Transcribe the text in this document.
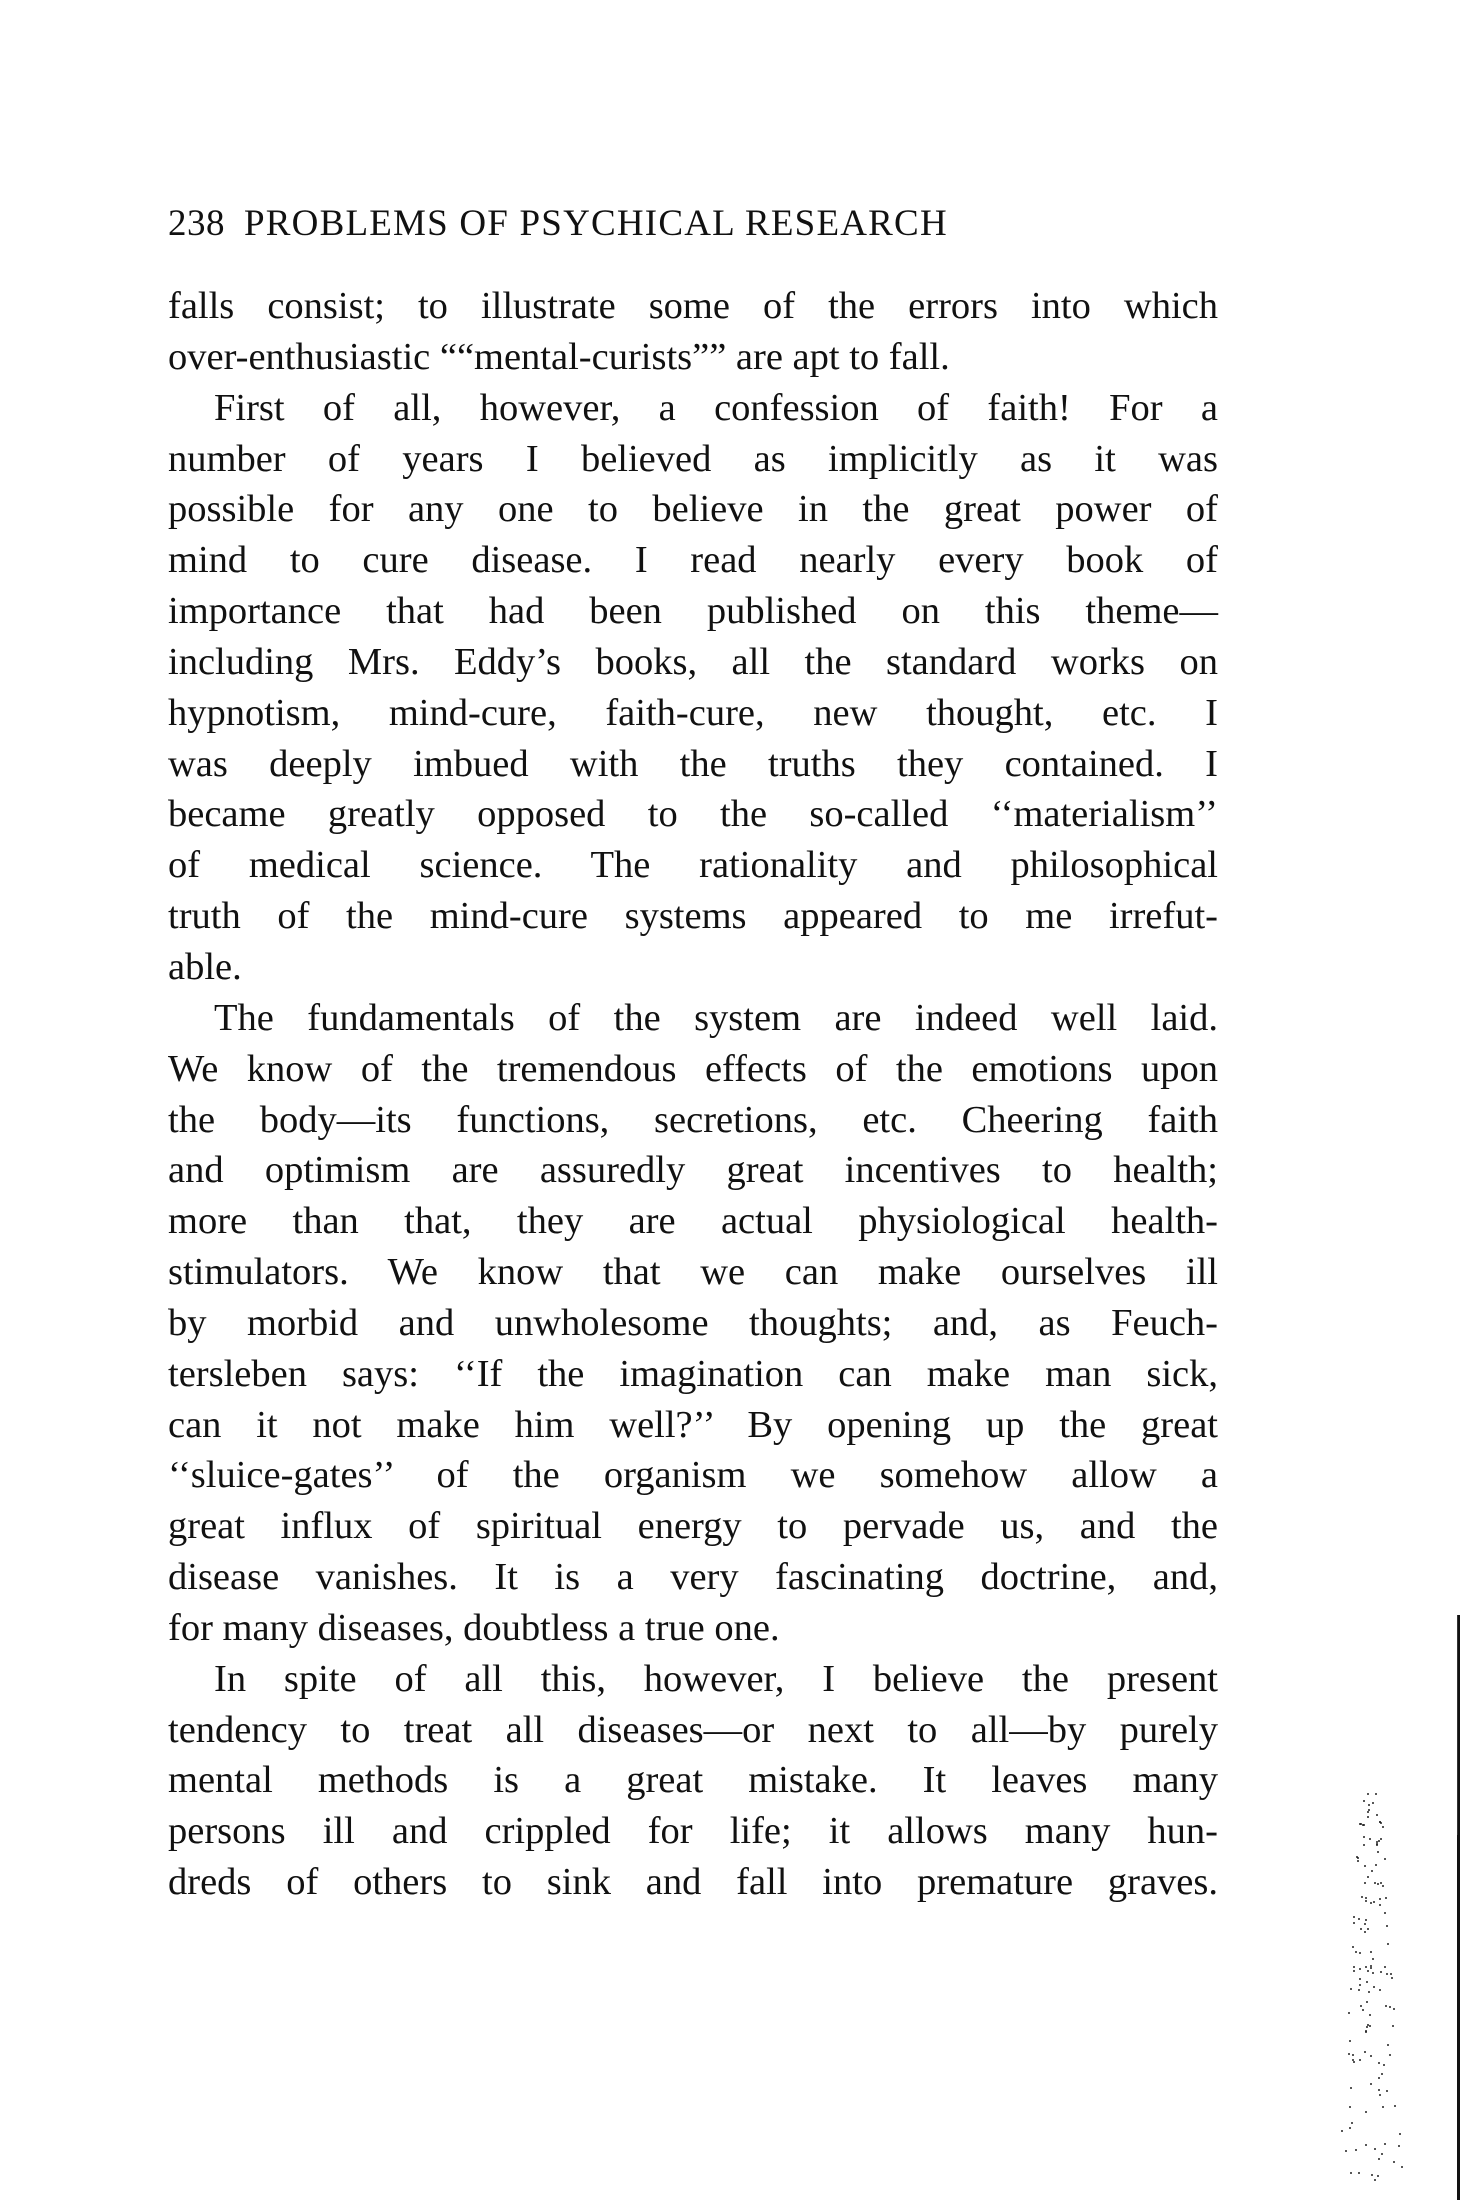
238 PROBLEMS OF PSYCHICAL RESEARCH
falls consist; to illustrate some of the errors into which
over-enthusiastic ““mental-curists”” are apt to fall.
First of all, however, a confession of faith! For a
number of years I believed as implicitly as it was
possible for any one to believe in the great power of
mind to cure disease. I read nearly every book of
importance that had been published on this theme—
including Mrs. Eddy’s books, all the standard works on
hypnotism, mind-cure, faith-cure, new thought, etc. I
was deeply imbued with the truths they contained. I
became greatly opposed to the so-called ‘‘materialism’’
of medical science. The rationality and philosophical
truth of the mind-cure systems appeared to me irrefut-
able.
The fundamentals of the system are indeed well laid.
We know of the tremendous effects of the emotions upon
the body—its functions, secretions, etc. Cheering faith
and optimism are assuredly great incentives to health;
more than that, they are actual physiological health-
stimulators. We know that we can make ourselves ill
by morbid and unwholesome thoughts; and, as Feuch-
tersleben says: ‘‘If the imagination can make man sick,
can it not make him well?’’ By opening up the great
‘‘sluice-gates’’ of the organism we somehow allow a
great influx of spiritual energy to pervade us, and the
disease vanishes. It is a very fascinating doctrine, and,
for many diseases, doubtless a true one.
In spite of all this, however, I believe the present
tendency to treat all diseases—or next to all—by purely
mental methods is a great mistake. It leaves many
persons ill and crippled for life; it allows many hun-
dreds of others to sink and fall into premature graves.
